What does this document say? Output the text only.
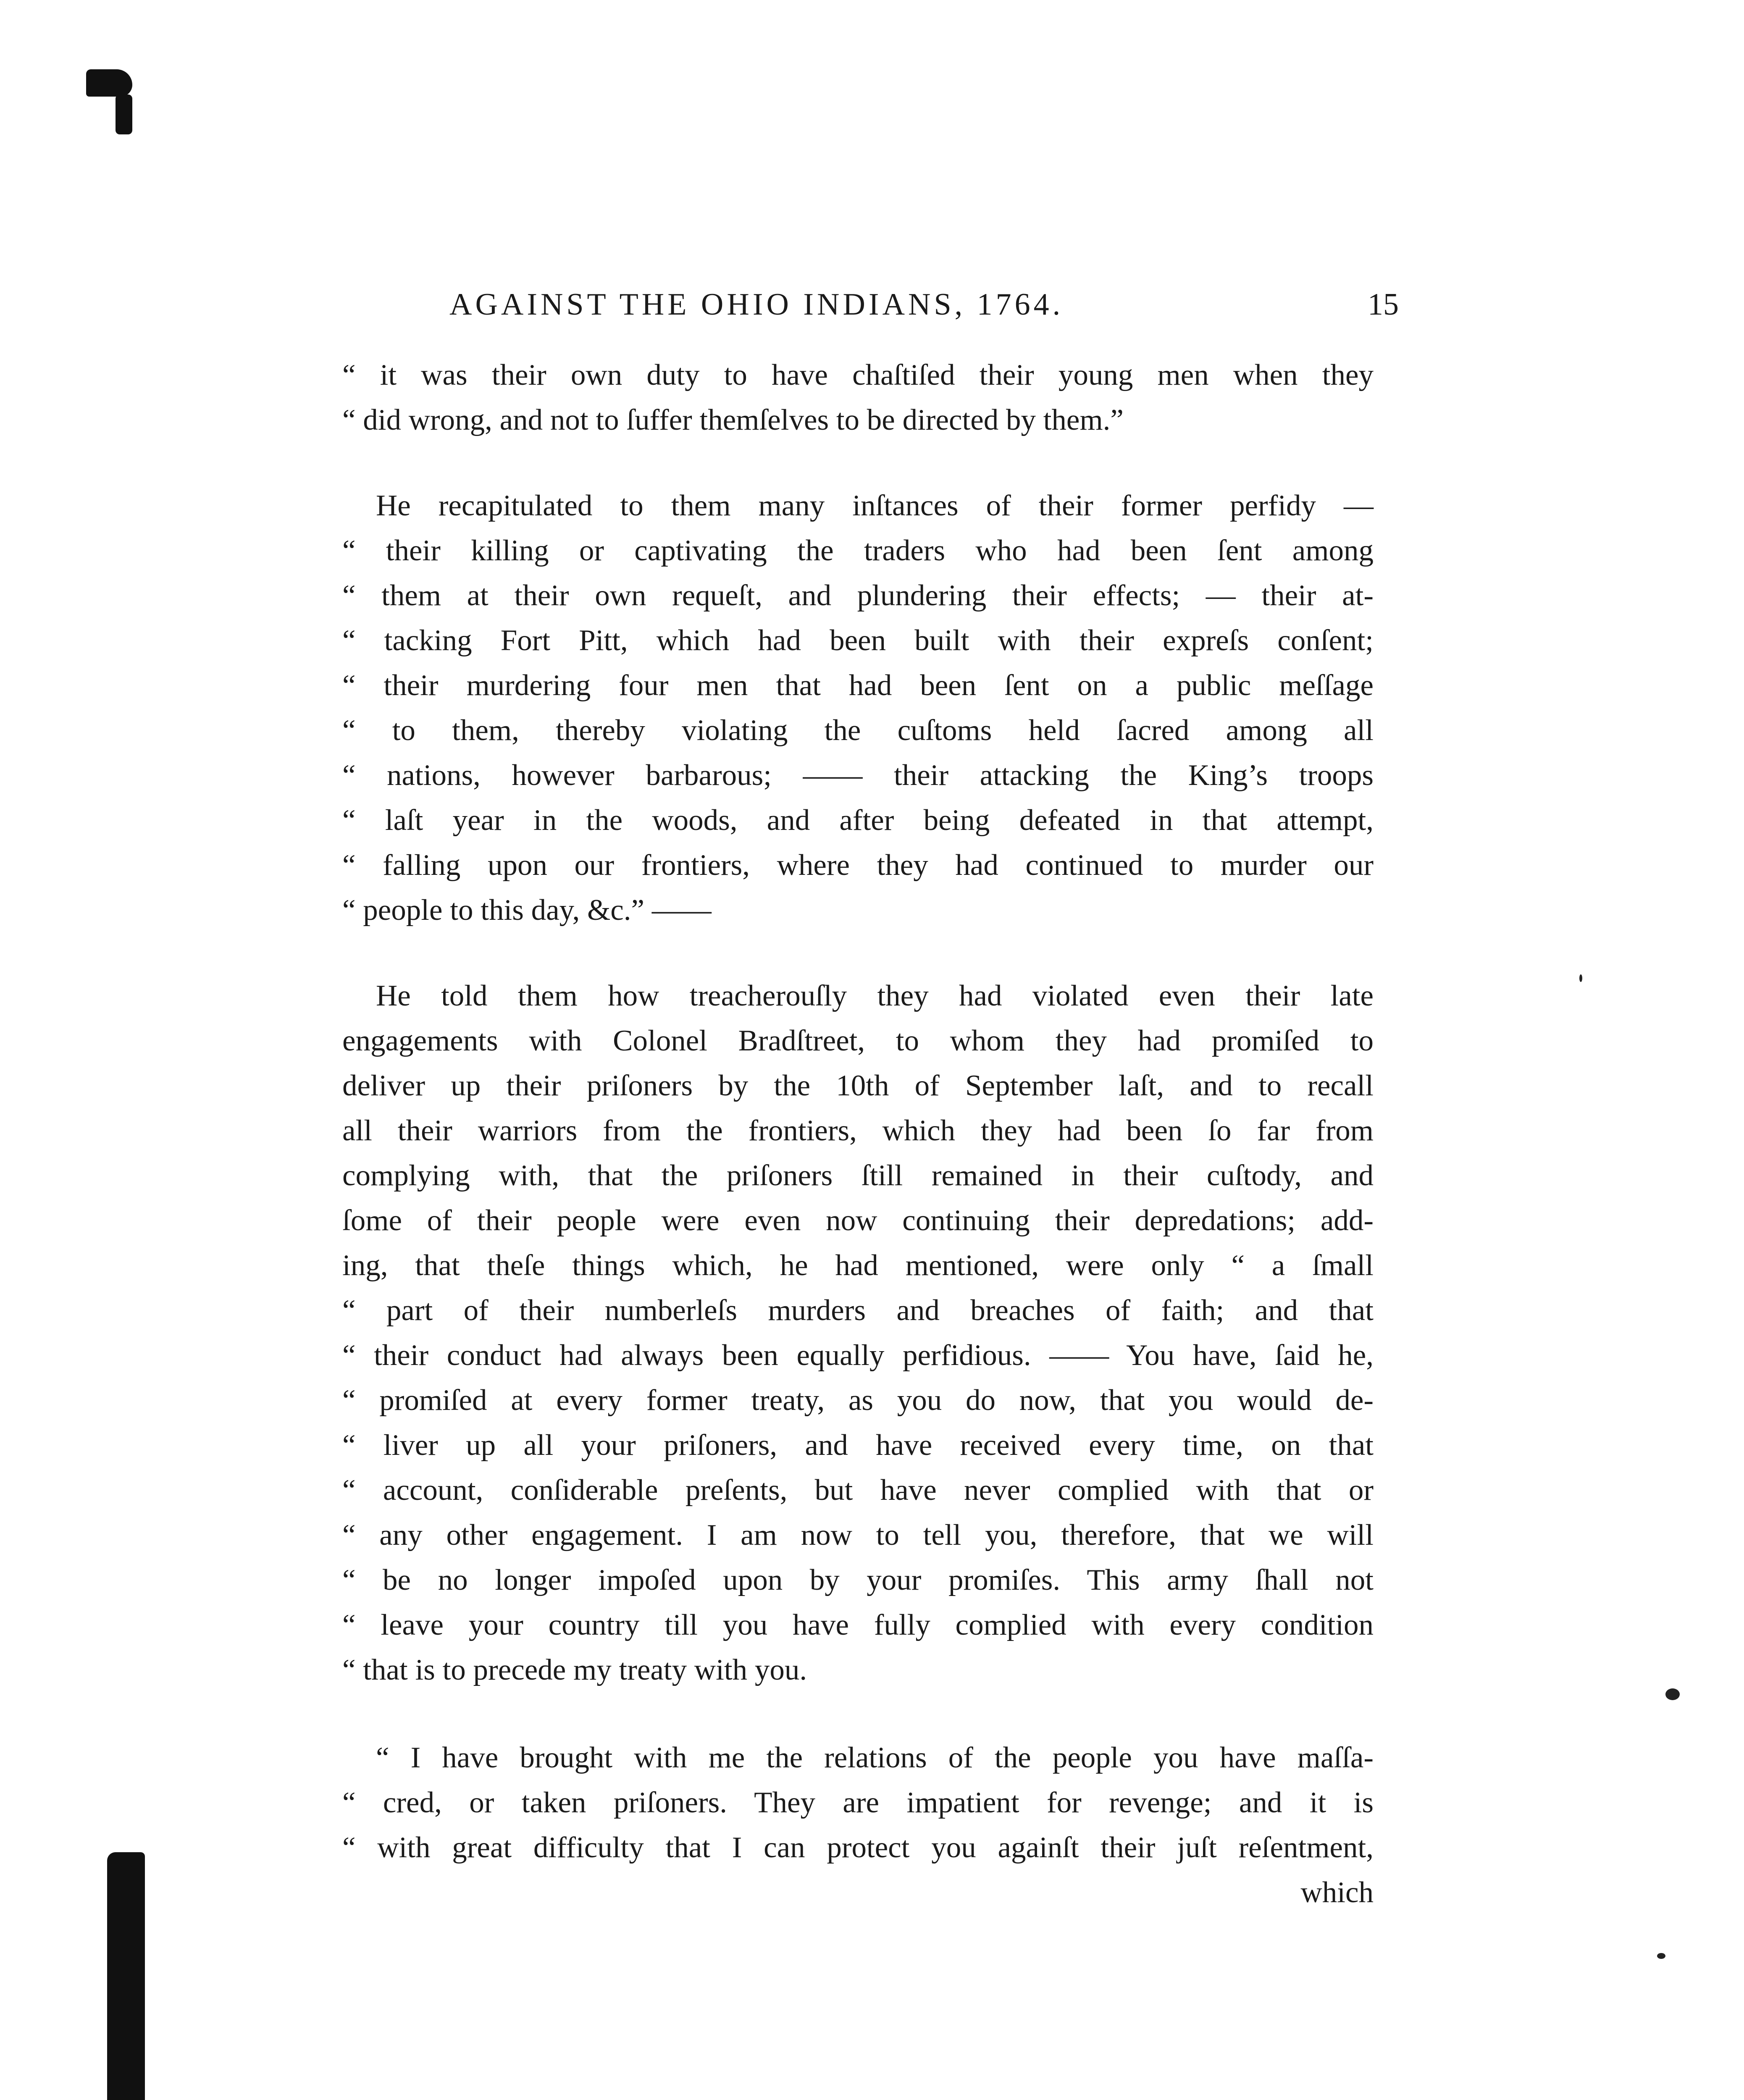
AGAINST THE OHIO INDIANS, 1764.	15
“ it was their own duty to have chaſtiſed their young men when they
“ did wrong, and not to ſuffer themſelves to be directed by them.”
He recapitulated to them many inſtances of their former perfidy —
“ their killing or captivating the traders who had been ſent among
“ them at their own requeſt, and plundering their effects; — their at-
“ tacking Fort Pitt, which had been built with their expreſs conſent;
“ their murdering four men that had been ſent on a public meſſage
“ to them, thereby violating the cuſtoms held ſacred among all
“ nations, however barbarous; —— their attacking the King’s troops
“ laſt year in the woods, and after being defeated in that attempt,
“ falling upon our frontiers, where they had continued to murder our
“ people to this day, &c.” ——
He told them how treacherouſly they had violated even their late
engagements with Colonel Bradſtreet, to whom they had promiſed to
deliver up their priſoners by the 10th of September laſt, and to recall
all their warriors from the frontiers, which they had been ſo far from
complying with, that the priſoners ſtill remained in their cuſtody, and
ſome of their people were even now continuing their depredations; add-
ing, that theſe things which, he had mentioned, were only “ a ſmall
“ part of their numberleſs murders and breaches of faith; and that
“ their conduct had always been equally perfidious. —— You have, ſaid he,
“ promiſed at every former treaty, as you do now, that you would de-
“ liver up all your priſoners, and have received every time, on that
“ account, conſiderable preſents, but have never complied with that or
“ any other engagement. I am now to tell you, therefore, that we will
“ be no longer impoſed upon by your promiſes. This army ſhall not
“ leave your country till you have fully complied with every condition
“ that is to precede my treaty with you.
“ I have brought with me the relations of the people you have maſſa-
“ cred, or taken priſoners. They are impatient for revenge; and it is
“ with great difficulty that I can protect you againſt their juſt reſentment,
which
